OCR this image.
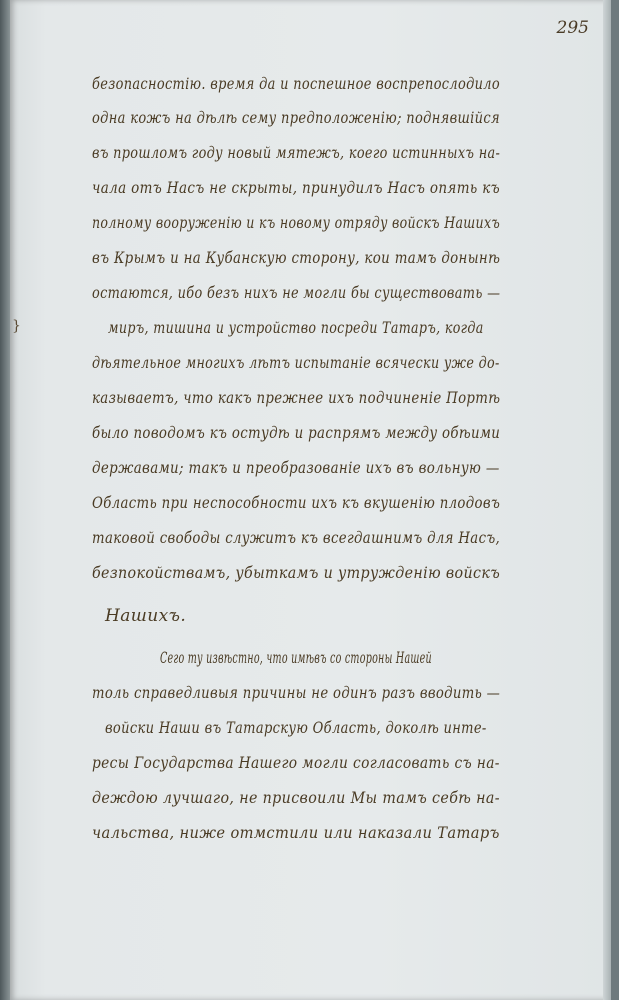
295
}
безопасностію. время да и поспешное воспрепослодило
одна кожъ на дѣлѣ сему предположенію; поднявшійся
въ прошломъ году новый мятежъ, коего истинныхъ на-
чала отъ Насъ не скрыты, принудилъ Насъ опять къ
полному вооруженію и къ новому отряду войскъ Нашихъ
въ Крымъ и на Кубанскую сторону, кои тамъ донынѣ
остаются, ибо безъ нихъ не могли бы существовать —
миръ, тишина и устройство посреди Татаръ, когда
дѣятельное многихъ лѣтъ испытаніе всячески уже до-
казываетъ, что какъ прежнее ихъ подчиненіе Портѣ
было поводомъ къ остудѣ и распрямъ между обѣими
державами; такъ и преобразованіе ихъ въ вольную —
Область при неспособности ихъ къ вкушенію плодовъ
таковой свободы служитъ къ всегдашнимъ для Насъ,
безпокойствамъ, убыткамъ и утружденію войскъ
Нашихъ.
Сего ту извѣстно, что имѣвъ со стороны Нашей
толь справедливыя причины не одинъ разъ вводить —
войски Наши въ Татарскую Область, доколѣ инте-
ресы Государства Нашего могли согласовать съ на-
деждою лучшаго, не присвоили Мы тамъ себѣ на-
чальства, ниже отмстили или наказали Татаръ
